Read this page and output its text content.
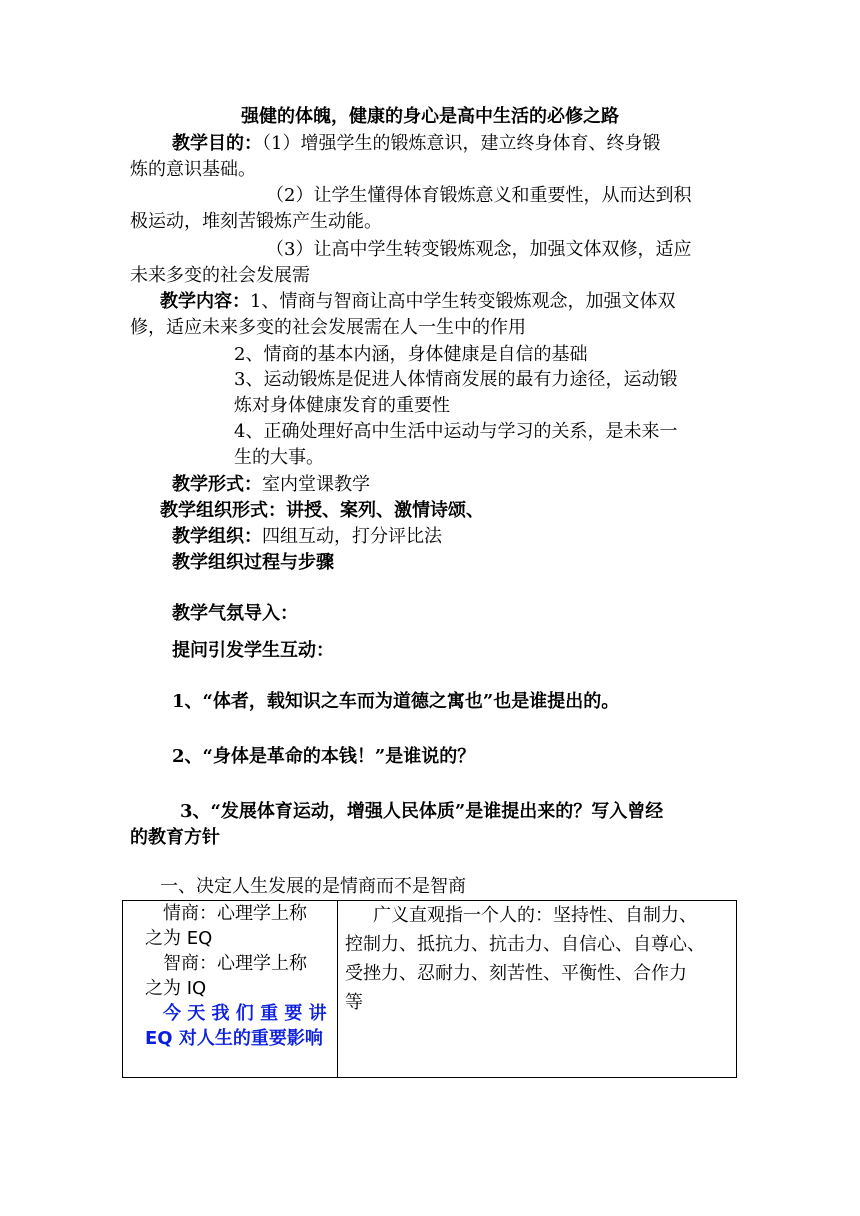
强健的体魄，健康的身心是高中生活的必修之路
教学目的：（1）增强学生的锻炼意识，建立终身体育、终身锻
炼的意识基础。
（2）让学生懂得体育锻炼意义和重要性，从而达到积
极运动，堆刻苦锻炼产生动能。
（3）让高中学生转变锻炼观念，加强文体双修，适应
未来多变的社会发展需
教学内容：1、情商与智商让高中学生转变锻炼观念，加强文体双
修，适应未来多变的社会发展需在人一生中的作用
2、情商的基本内涵，身体健康是自信的基础
3、运动锻炼是促进人体情商发展的最有力途径，运动锻
炼对身体健康发育的重要性
4、正确处理好高中生活中运动与学习的关系，是未来一
生的大事。
教学形式：室内堂课教学
教学组织形式：讲授、案列、激情诗颂、
教学组织：四组互动，打分评比法
教学组织过程与步骤
教学气氛导入：
提问引发学生互动：
1、“体者，载知识之车而为道德之寓也”也是谁提出的。
2、“身体是革命的本钱！”是谁说的？
3、“发展体育运动，增强人民体质”是谁提出来的？写入曾经
的教育方针
一、决定人生发展的是情商而不是智商
情商：心理学上称
之为 EQ
智商：心理学上称
之为 IQ
今 天 我 们 重 要 讲
EQ 对人生的重要影响
广义直观指一个人的：坚持性、自制力、
控制力、抵抗力、抗击力、自信心、自尊心、
受挫力、忍耐力、刻苦性、平衡性、合作力
等
